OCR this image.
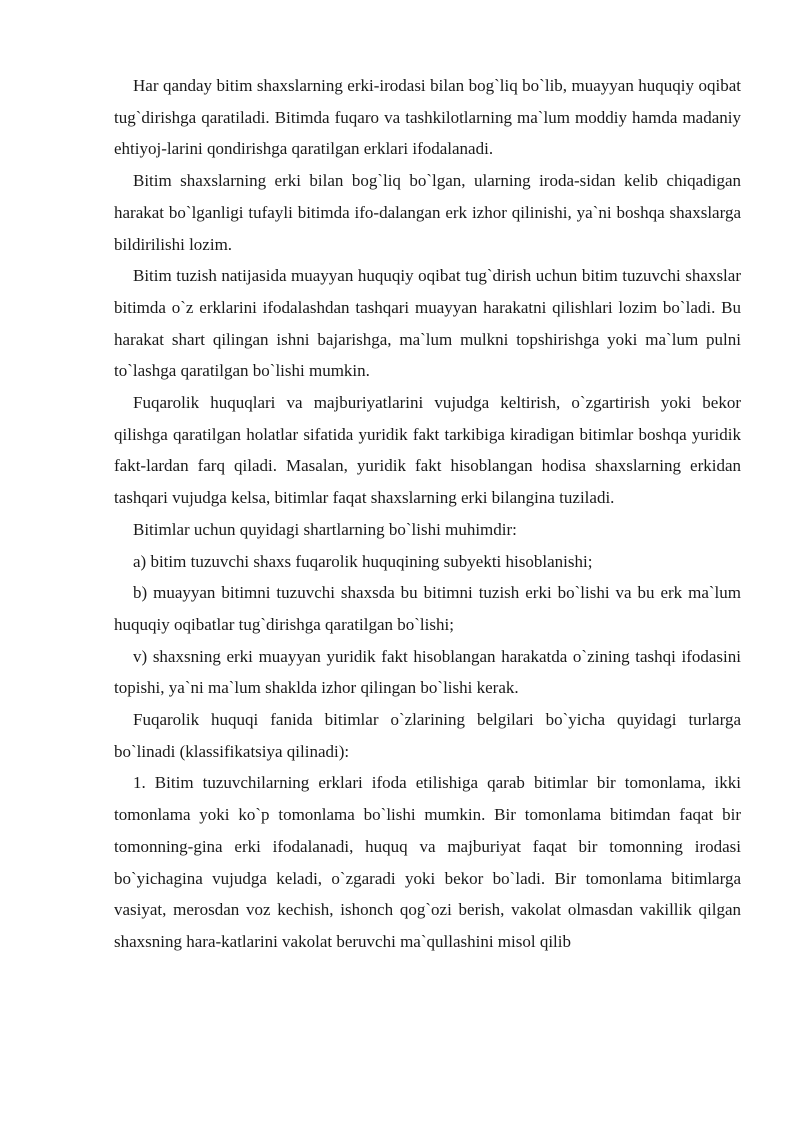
Har qanday bitim shaxslarning erki-irodasi bilan bog`liq bo`lib, muayyan huquqiy oqibat tug`dirishga qaratiladi. Bitimda fuqaro va tashkilotlarning ma`lum moddiy hamda madaniy ehtiyoj-larini qondirishga qaratilgan erklari ifodalanadi.

Bitim shaxslarning erki bilan bog`liq bo`lgan, ularning iroda-sidan kelib chiqadigan harakat bo`lganligi tufayli bitimda ifo-dalangan erk izhor qilinishi, ya`ni boshqa shaxslarga bildirilishi lozim.

Bitim tuzish natijasida muayyan huquqiy oqibat tug`dirish uchun bitim tuzuvchi shaxslar bitimda o`z erklarini ifodalashdan tashqari muayyan harakatni qilishlari lozim bo`ladi. Bu harakat shart qilingan ishni bajarishga, ma`lum mulkni topshirishga yoki ma`lum pulni to`lashga qaratilgan bo`lishi mumkin.

Fuqarolik huquqlari va majburiyatlarini vujudga keltirish, o`zgartirish yoki bekor qilishga qaratilgan holatlar sifatida yuridik fakt tarkibiga kiradigan bitimlar boshqa yuridik fakt-lardan farq qiladi. Masalan, yuridik fakt hisoblangan hodisa shaxslarning erkidan tashqari vujudga kelsa, bitimlar faqat shaxslarning erki bilangina tuziladi.

Bitimlar uchun quyidagi shartlarning bo`lishi muhimdir:

a) bitim tuzuvchi shaxs fuqarolik huquqining subyekti hisoblanishi;

b) muayyan bitimni tuzuvchi shaxsda bu bitimni tuzish erki bo`lishi va bu erk ma`lum huquqiy oqibatlar tug`dirishga qaratilgan bo`lishi;

v) shaxsning erki muayyan yuridik fakt hisoblangan harakatda o`zining tashqi ifodasini topishi, ya`ni ma`lum shaklda izhor qilingan bo`lishi kerak.

Fuqarolik huquqi fanida bitimlar o`zlarining belgilari bo`yicha quyidagi turlarga bo`linadi (klassifikatsiya qilinadi):

1. Bitim tuzuvchilarning erklari ifoda etilishiga qarab bitimlar bir tomonlama, ikki tomonlama yoki ko`p tomonlama bo`lishi mumkin. Bir tomonlama bitimdan faqat bir tomonning-gina erki ifodalanadi, huquq va majburiyat faqat bir tomonning irodasi bo`yichagina vujudga keladi, o`zgaradi yoki bekor bo`ladi. Bir tomonlama bitimlarga vasiyat, merosdan voz kechish, ishonch qog`ozi berish, vakolat olmasdan vakillik qilgan shaxsning hara-katlarini vakolat beruvchi ma`qullashini misol qilib
